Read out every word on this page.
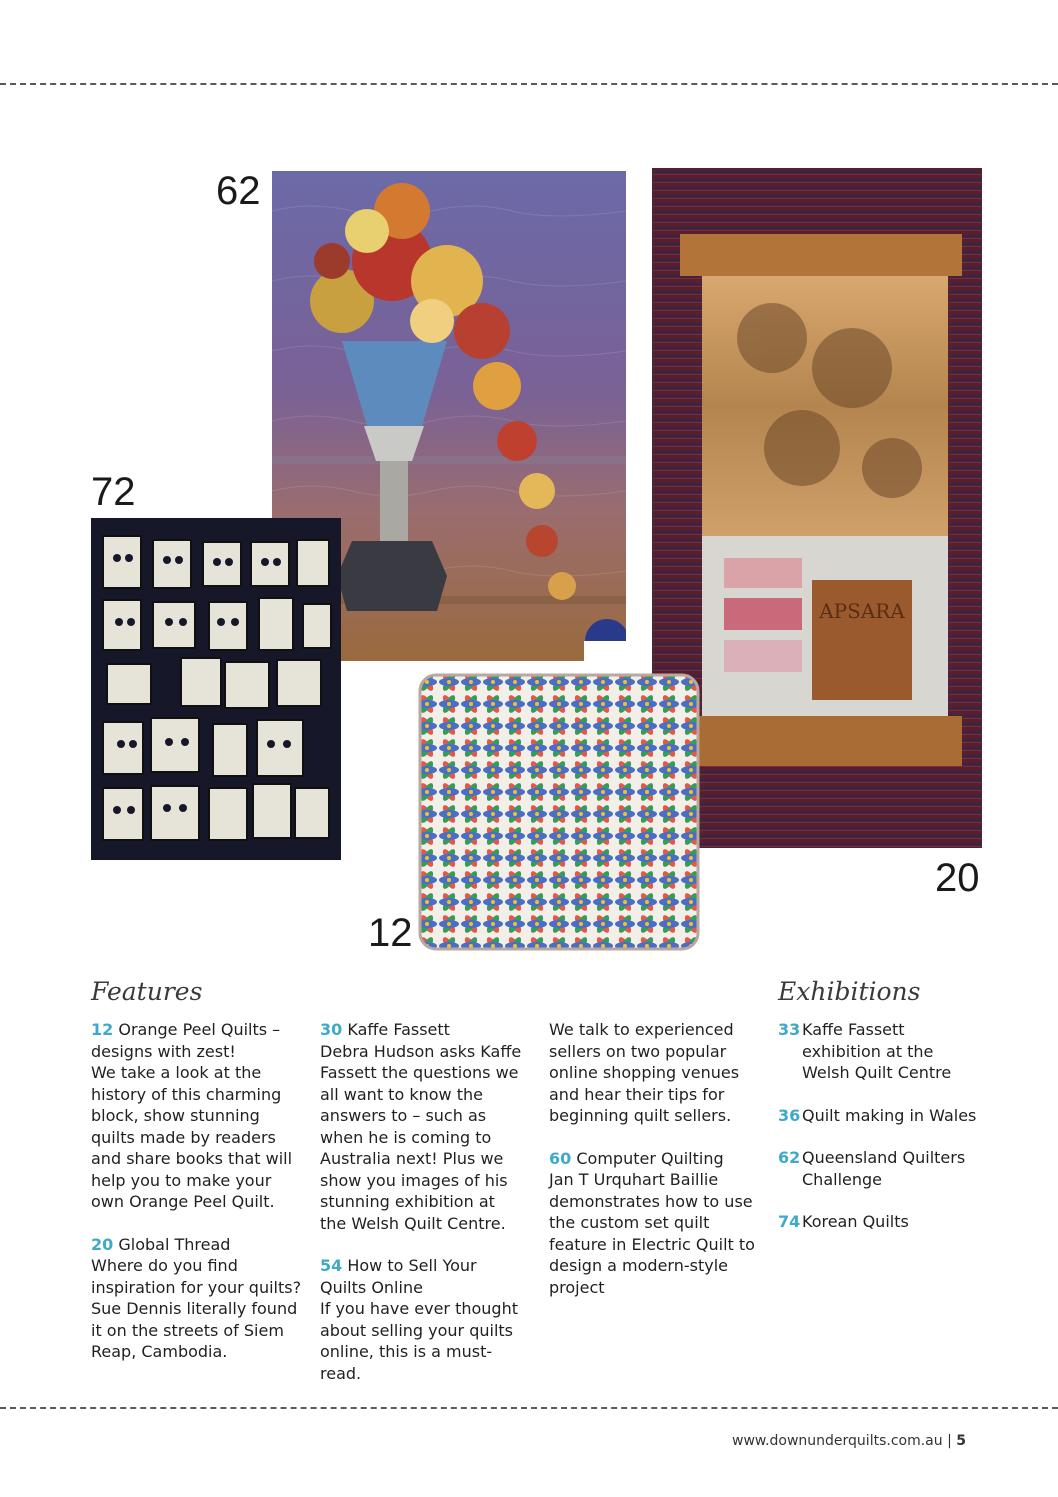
62
72
20
12
APSARA
Features
12 Orange Peel Quilts – designs with zest!
We take a look at the history of this charming block, show stunning quilts made by readers and share books that will help you to make your own Orange Peel Quilt.
20 Global Thread
Where do you find inspiration for your quilts? Sue Dennis literally found it on the streets of Siem Reap, Cambodia.
30 Kaffe Fassett
Debra Hudson asks Kaffe Fassett the questions we all want to know the answers to – such as when he is coming to Australia next! Plus we show you images of his stunning exhibition at the Welsh Quilt Centre.
54 How to Sell Your Quilts Online
If you have ever thought about selling your quilts online, this is a must-read.
We talk to experienced sellers on two popular online shopping venues and hear their tips for beginning quilt sellers.
60 Computer Quilting
Jan T Urquhart Baillie demonstrates how to use the custom set quilt feature in Electric Quilt to design a modern-style project
Exhibitions
33 Kaffe Fassett exhibition at the Welsh Quilt Centre
36 Quilt making in Wales
62 Queensland Quilters Challenge
74 Korean Quilts
www.downunderquilts.com.au | 5
